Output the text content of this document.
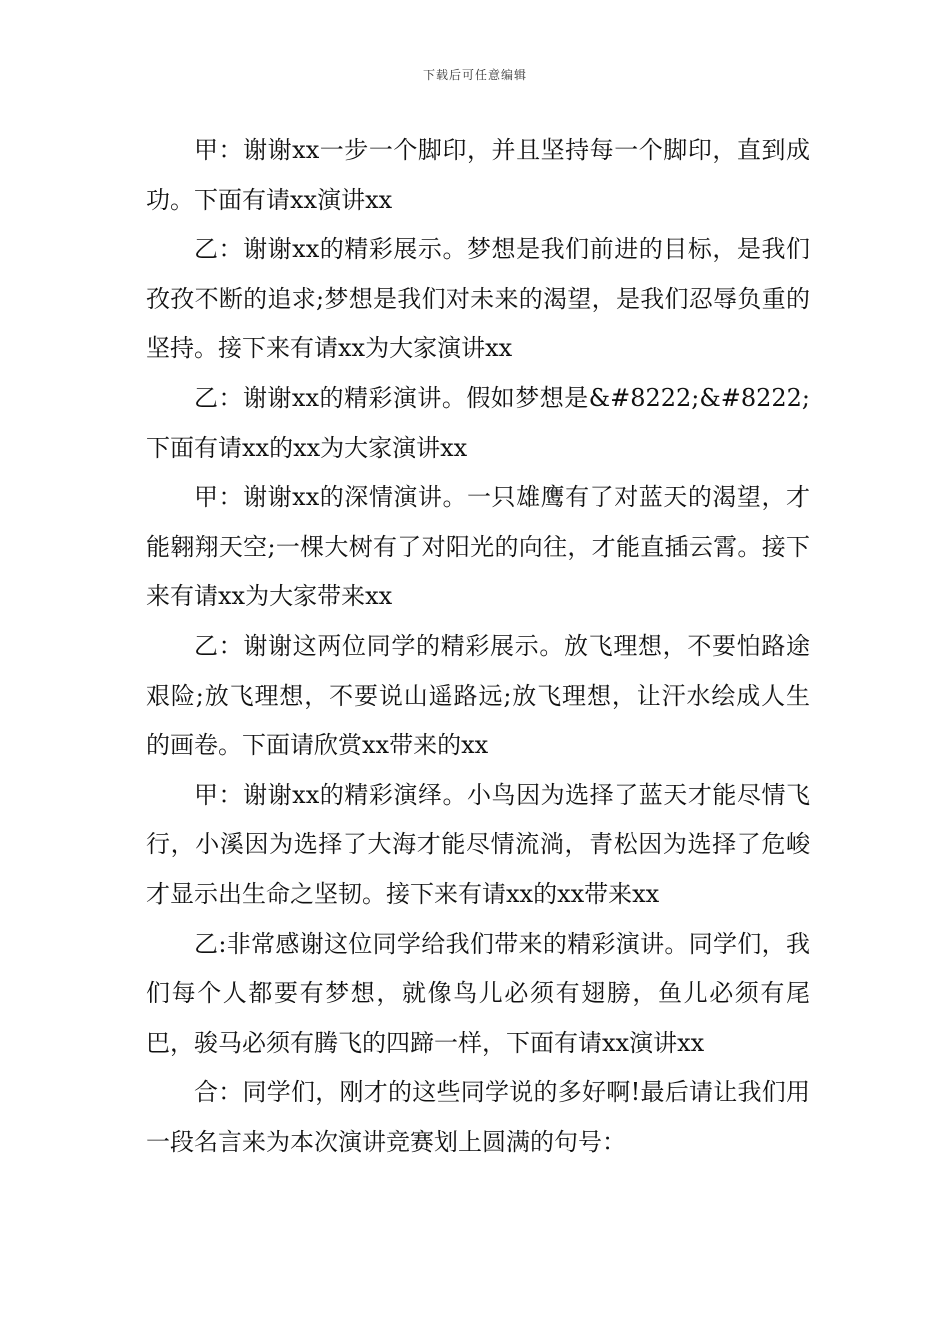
下载后可任意编辑

甲：谢谢xx一步一个脚印，并且坚持每一个脚印，直到成功。下面有请xx演讲xx

乙：谢谢xx的精彩展示。梦想是我们前进的目标，是我们孜孜不断的追求;梦想是我们对未来的渴望，是我们忍辱负重的坚持。接下来有请xx为大家演讲xx

乙：谢谢xx的精彩演讲。假如梦想是&#8222;&#8222;下面有请xx的xx为大家演讲xx

甲：谢谢xx的深情演讲。一只雄鹰有了对蓝天的渴望，才能翱翔天空;一棵大树有了对阳光的向往，才能直插云霄。接下来有请xx为大家带来xx

乙：谢谢这两位同学的精彩展示。放飞理想，不要怕路途艰险;放飞理想，不要说山遥路远;放飞理想，让汗水绘成人生的画卷。下面请欣赏xx带来的xx

甲：谢谢xx的精彩演绎。小鸟因为选择了蓝天才能尽情飞行，小溪因为选择了大海才能尽情流淌，青松因为选择了危峻才显示出生命之坚韧。接下来有请xx的xx带来xx

乙:非常感谢这位同学给我们带来的精彩演讲。同学们，我们每个人都要有梦想，就像鸟儿必须有翅膀，鱼儿必须有尾巴，骏马必须有腾飞的四蹄一样，下面有请xx演讲xx

合：同学们，刚才的这些同学说的多好啊!最后请让我们用一段名言来为本次演讲竞赛划上圆满的句号：
